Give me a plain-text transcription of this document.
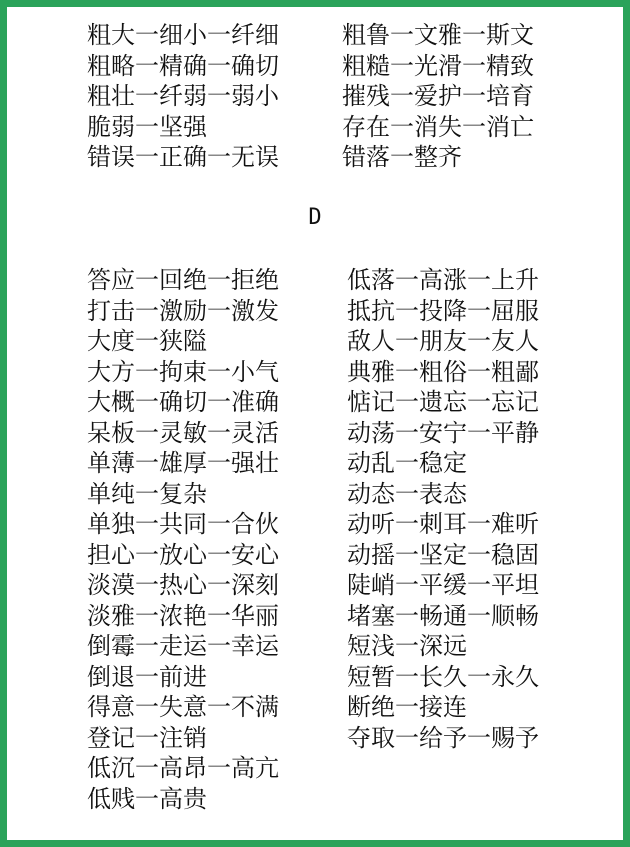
粗大一细小一纤细
粗略一精确一确切
粗壮一纤弱一弱小
脆弱一坚强
错误一正确一无误
粗鲁一文雅一斯文
粗糙一光滑一精致
摧残一爱护一培育
存在一消失一消亡
错落一整齐
D
答应一回绝一拒绝
打击一激励一激发
大度一狭隘
大方一拘束一小气
大概一确切一准确
呆板一灵敏一灵活
单薄一雄厚一强壮
单纯一复杂
单独一共同一合伙
担心一放心一安心
淡漠一热心一深刻
淡雅一浓艳一华丽
倒霉一走运一幸运
倒退一前进
得意一失意一不满
登记一注销
低沉一高昂一高亢
低贱一高贵
低落一高涨一上升
抵抗一投降一屈服
敌人一朋友一友人
典雅一粗俗一粗鄙
惦记一遗忘一忘记
动荡一安宁一平静
动乱一稳定
动态一表态
动听一刺耳一难听
动摇一坚定一稳固
陡峭一平缓一平坦
堵塞一畅通一顺畅
短浅一深远
短暂一长久一永久
断绝一接连
夺取一给予一赐予
